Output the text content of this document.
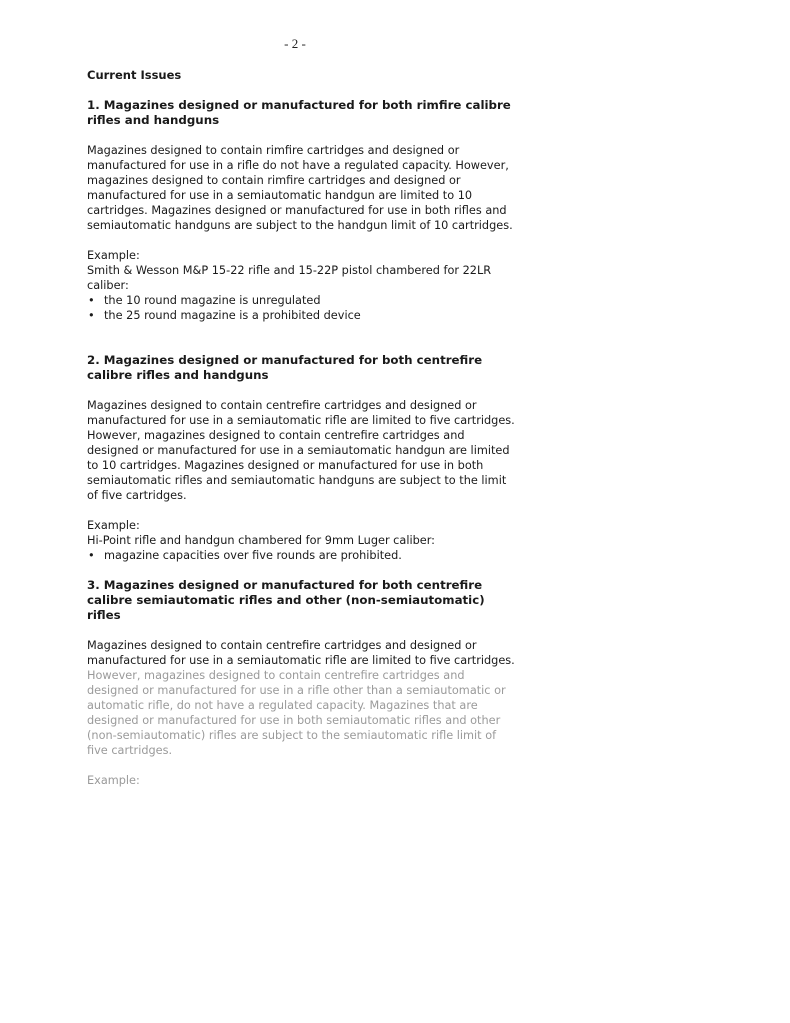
- 2 -
Current Issues
1. Magazines designed or manufactured for both rimfire calibre rifles and handguns
Magazines designed to contain rimfire cartridges and designed or manufactured for use in a rifle do not have a regulated capacity. However, magazines designed to contain rimfire cartridges and designed or manufactured for use in a semiautomatic handgun are limited to 10 cartridges. Magazines designed or manufactured for use in both rifles and semiautomatic handguns are subject to the handgun limit of 10 cartridges.
Example:
Smith & Wesson M&P 15-22 rifle and 15-22P pistol chambered for 22LR caliber:
• the 10 round magazine is unregulated
• the 25 round magazine is a prohibited device
2. Magazines designed or manufactured for both centrefire calibre rifles and handguns
Magazines designed to contain centrefire cartridges and designed or manufactured for use in a semiautomatic rifle are limited to five cartridges. However, magazines designed to contain centrefire cartridges and designed or manufactured for use in a semiautomatic handgun are limited to 10 cartridges. Magazines designed or manufactured for use in both semiautomatic rifles and semiautomatic handguns are subject to the limit of five cartridges.
Example:
Hi-Point rifle and handgun chambered for 9mm Luger caliber:
• magazine capacities over five rounds are prohibited.
3. Magazines designed or manufactured for both centrefire calibre semiautomatic rifles and other (non-semiautomatic) rifles
Magazines designed to contain centrefire cartridges and designed or manufactured for use in a semiautomatic rifle are limited to five cartridges. However, magazines designed to contain centrefire cartridges and designed or manufactured for use in a rifle other than a semiautomatic or automatic rifle, do not have a regulated capacity. Magazines that are designed or manufactured for use in both semiautomatic rifles and other (non-semiautomatic) rifles are subject to the semiautomatic rifle limit of five cartridges.
Example:
